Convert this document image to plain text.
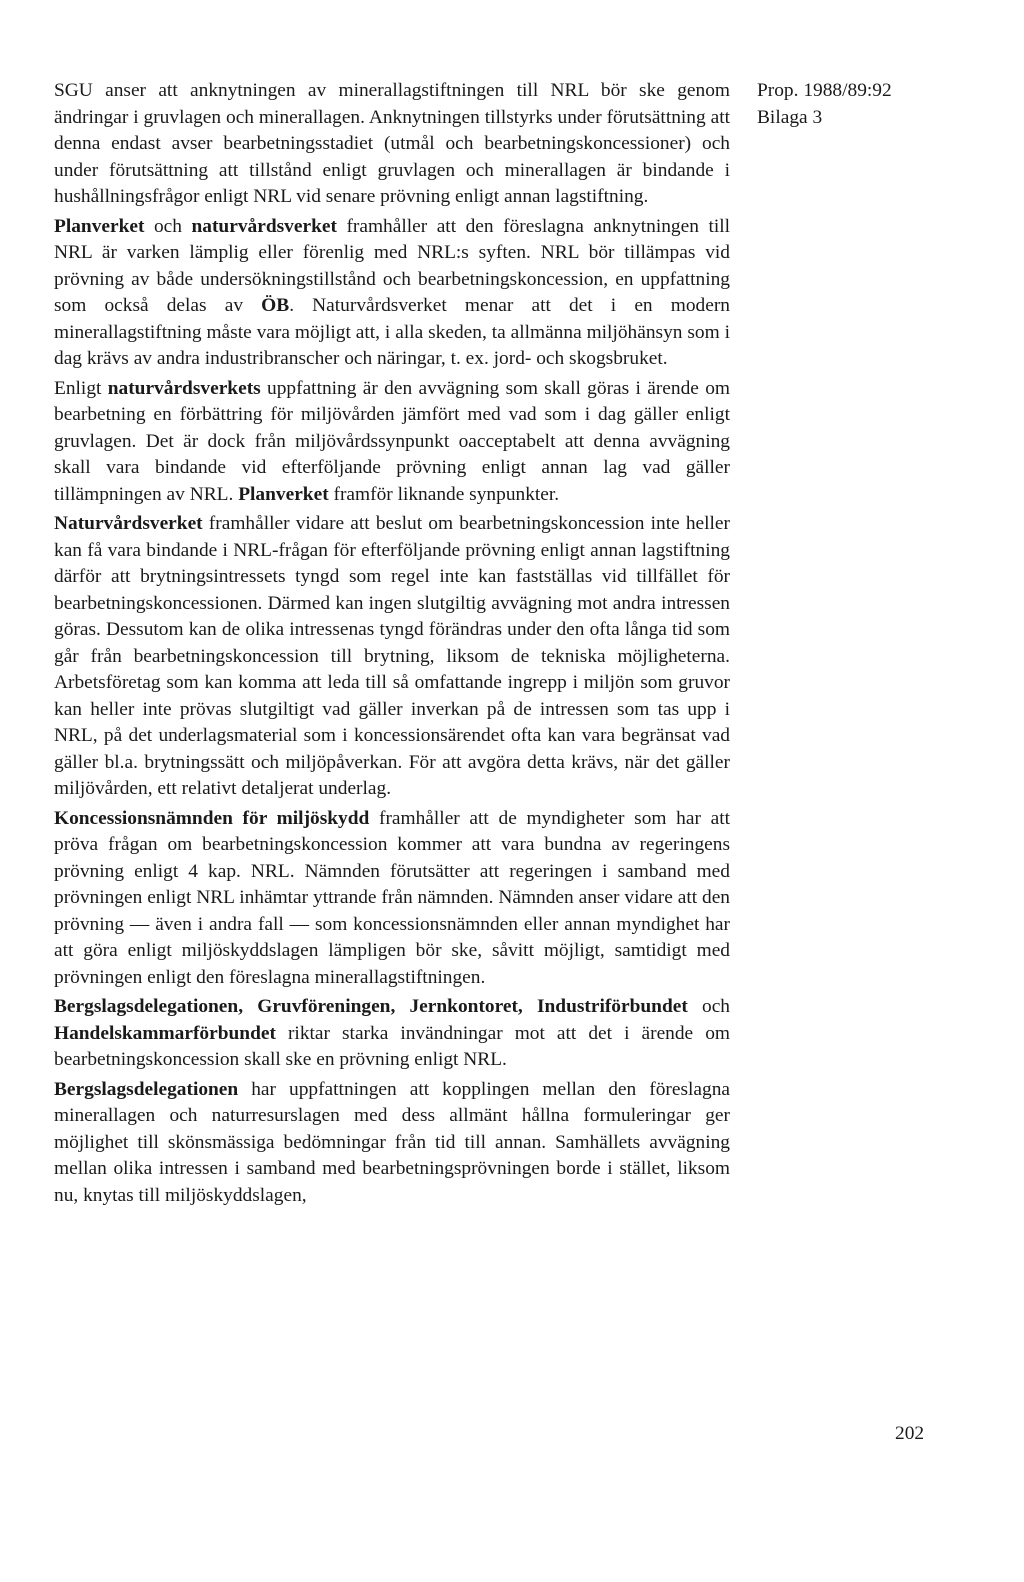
Prop. 1988/89:92
Bilaga 3

SGU anser att anknytningen av minerallagstiftningen till NRL bör ske genom ändringar i gruvlagen och minerallagen. Anknytningen tillstyrks under förutsättning att denna endast avser bearbetningsstadiet (utmål och bearbetningskoncessioner) och under förutsättning att tillstånd enligt gruvlagen och minerallagen är bindande i hushållningsfrågor enligt NRL vid senare prövning enligt annan lagstiftning.

Planverket och naturvårdsverket framhåller att den föreslagna anknytningen till NRL är varken lämplig eller förenlig med NRL:s syften. NRL bör tillämpas vid prövning av både undersökningstillstånd och bearbetningskoncession, en uppfattning som också delas av ÖB. Naturvårdsverket menar att det i en modern minerallagstiftning måste vara möjligt att, i alla skeden, ta allmänna miljöhänsyn som i dag krävs av andra industribranscher och näringar, t. ex. jord- och skogsbruket.

Enligt naturvårdsverkets uppfattning är den avvägning som skall göras i ärende om bearbetning en förbättring för miljövården jämfört med vad som i dag gäller enligt gruvlagen. Det är dock från miljövårdssynpunkt oacceptabelt att denna avvägning skall vara bindande vid efterföljande prövning enligt annan lag vad gäller tillämpningen av NRL. Planverket framför liknande synpunkter.

Naturvårdsverket framhåller vidare att beslut om bearbetningskoncession inte heller kan få vara bindande i NRL-frågan för efterföljande prövning enligt annan lagstiftning därför att brytningsintressets tyngd som regel inte kan fastställas vid tillfället för bearbetningskoncessionen. Därmed kan ingen slutgiltig avvägning mot andra intressen göras. Dessutom kan de olika intressenas tyngd förändras under den ofta långa tid som går från bearbetningskoncession till brytning, liksom de tekniska möjligheterna. Arbetsföretag som kan komma att leda till så omfattande ingrepp i miljön som gruvor kan heller inte prövas slutgiltigt vad gäller inverkan på de intressen som tas upp i NRL, på det underlagsmaterial som i koncessionsärendet ofta kan vara begränsat vad gäller bl.a. brytningssätt och miljöpåverkan. För att avgöra detta krävs, när det gäller miljövården, ett relativt detaljerat underlag.

Koncessionsnämnden för miljöskydd framhåller att de myndigheter som har att pröva frågan om bearbetningskoncession kommer att vara bundna av regeringens prövning enligt 4 kap. NRL. Nämnden förutsätter att regeringen i samband med prövningen enligt NRL inhämtar yttrande från nämnden. Nämnden anser vidare att den prövning — även i andra fall — som koncessionsnämnden eller annan myndighet har att göra enligt miljöskyddslagen lämpligen bör ske, såvitt möjligt, samtidigt med prövningen enligt den föreslagna minerallagstiftningen.

Bergslagsdelegationen, Gruvföreningen, Jernkontoret, Industriförbundet och Handelskammarförbundet riktar starka invändningar mot att det i ärende om bearbetningskoncession skall ske en prövning enligt NRL.

Bergslagsdelegationen har uppfattningen att kopplingen mellan den föreslagna minerallagen och naturresurslagen med dess allmänt hållna formuleringar ger möjlighet till skönsmässiga bedömningar från tid till annan. Samhällets avvägning mellan olika intressen i samband med bearbetningsprövningen borde i stället, liksom nu, knytas till miljöskyddslagen,

202
